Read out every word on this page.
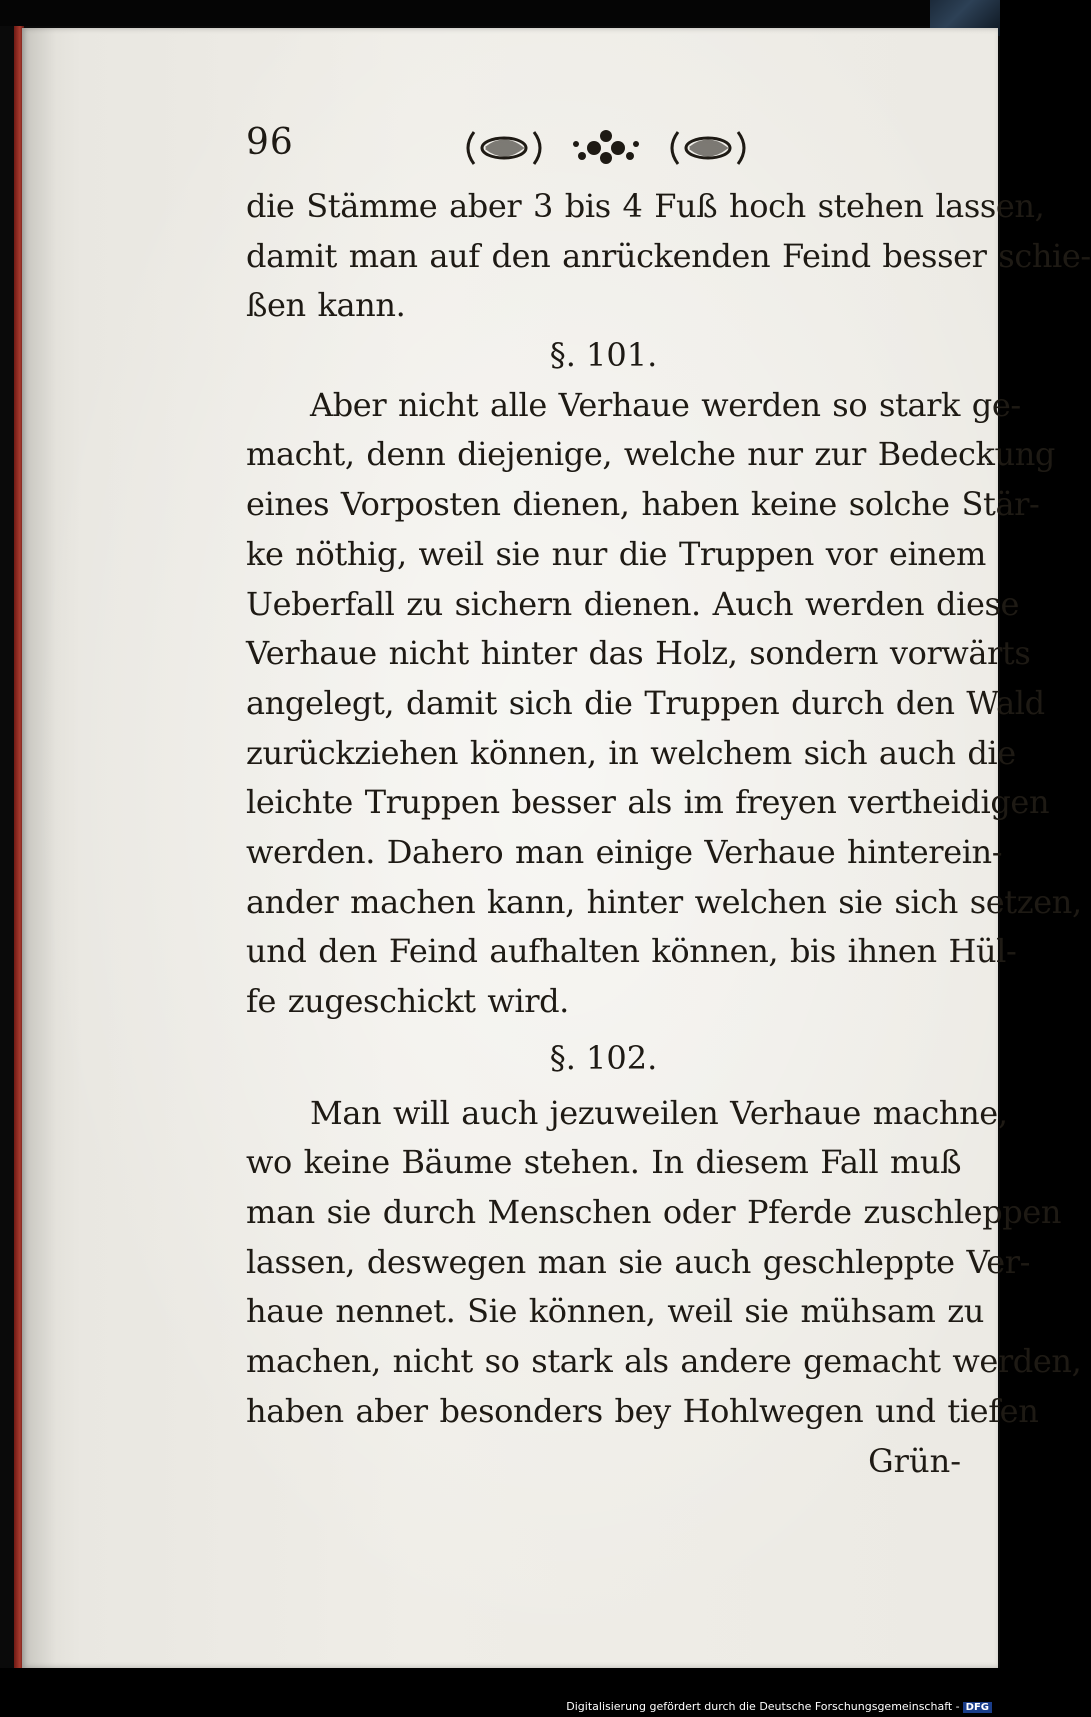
96
die Stämme aber 3 bis 4 Fuß hoch stehen lassen,
damit man auf den anrückenden Feind besser schie-
ßen kann.
§. 101.
Aber nicht alle Verhaue werden so stark ge-
macht, denn diejenige, welche nur zur Bedeckung
eines Vorposten dienen, haben keine solche Stär-
ke nöthig, weil sie nur die Truppen vor einem
Ueberfall zu sichern dienen. Auch werden diese
Verhaue nicht hinter das Holz, sondern vorwärts
angelegt, damit sich die Truppen durch den Wald
zurückziehen können, in welchem sich auch die
leichte Truppen besser als im freyen vertheidigen
werden. Dahero man einige Verhaue hinterein-
ander machen kann, hinter welchen sie sich setzen,
und den Feind aufhalten können, bis ihnen Hül-
fe zugeschickt wird.
§. 102.
Man will auch jezuweilen Verhaue machne,
wo keine Bäume stehen. In diesem Fall muß
man sie durch Menschen oder Pferde zuschleppen
lassen, deswegen man sie auch geschleppte Ver-
haue nennet. Sie können, weil sie mühsam zu
machen, nicht so stark als andere gemacht werden,
haben aber besonders bey Hohlwegen und tiefen
Grün-
Digitalisierung gefördert durch die Deutsche Forschungsgemeinschaft - DFG
